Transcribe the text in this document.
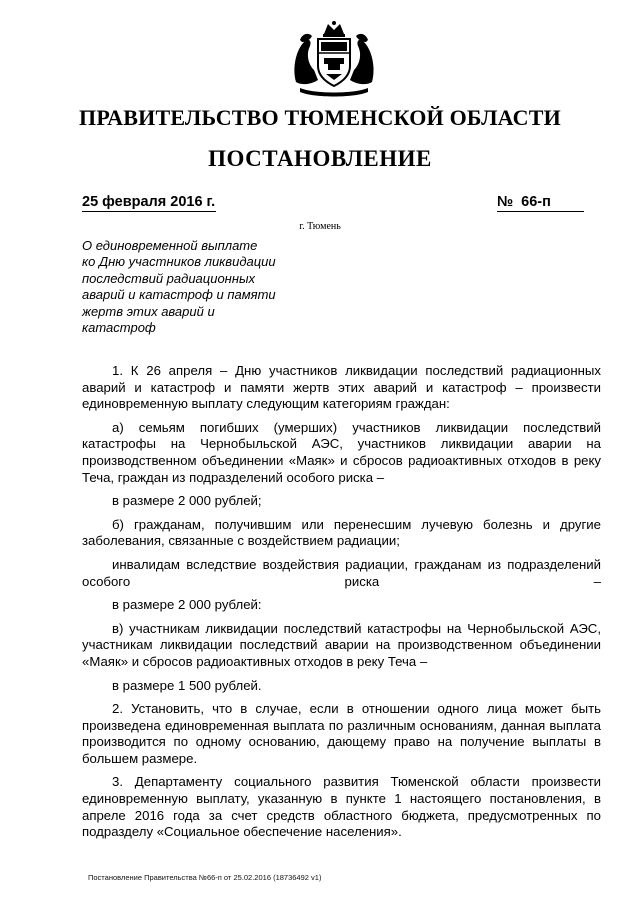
ПРАВИТЕЛЬСТВО ТЮМЕНСКОЙ ОБЛАСТИ
ПОСТАНОВЛЕНИЕ
25 февраля 2016 г.	№ 66-п
г. Тюмень
О единовременной выплате
ко Дню участников ликвидации
последствий радиационных
аварий и катастроф и памяти
жертв этих аварий и
катастроф

1. К 26 апреля – Дню участников ликвидации последствий радиационных аварий и катастроф и памяти жертв этих аварий и катастроф – произвести единовременную выплату следующим категориям граждан:

а) семьям погибших (умерших) участников ликвидации последствий катастрофы на Чернобыльской АЭС, участников ликвидации аварии на производственном объединении «Маяк» и сбросов радиоактивных отходов в реку Теча, граждан из подразделений особого риска –

в размере 2 000 рублей;

б) гражданам, получившим или перенесшим лучевую болезнь и другие заболевания, связанные с воздействием радиации;

инвалидам вследствие воздействия радиации, гражданам из подразделений особого риска –

в размере 2 000 рублей:

в) участникам ликвидации последствий катастрофы на Чернобыльской АЭС, участникам ликвидации последствий аварии на производственном объединении «Маяк» и сбросов радиоактивных отходов в реку Теча –

в размере 1 500 рублей.

2. Установить, что в случае, если в отношении одного лица может быть произведена единовременная выплата по различным основаниям, данная выплата производится по одному основанию, дающему право на получение выплаты в большем размере.

3. Департаменту социального развития Тюменской области произвести единовременную выплату, указанную в пункте 1 настоящего постановления, в апреле 2016 года за счет средств областного бюджета, предусмотренных по подразделу «Социальное обеспечение населения».

Постановление Правительства №66-п от 25.02.2016 (18736492 v1)
